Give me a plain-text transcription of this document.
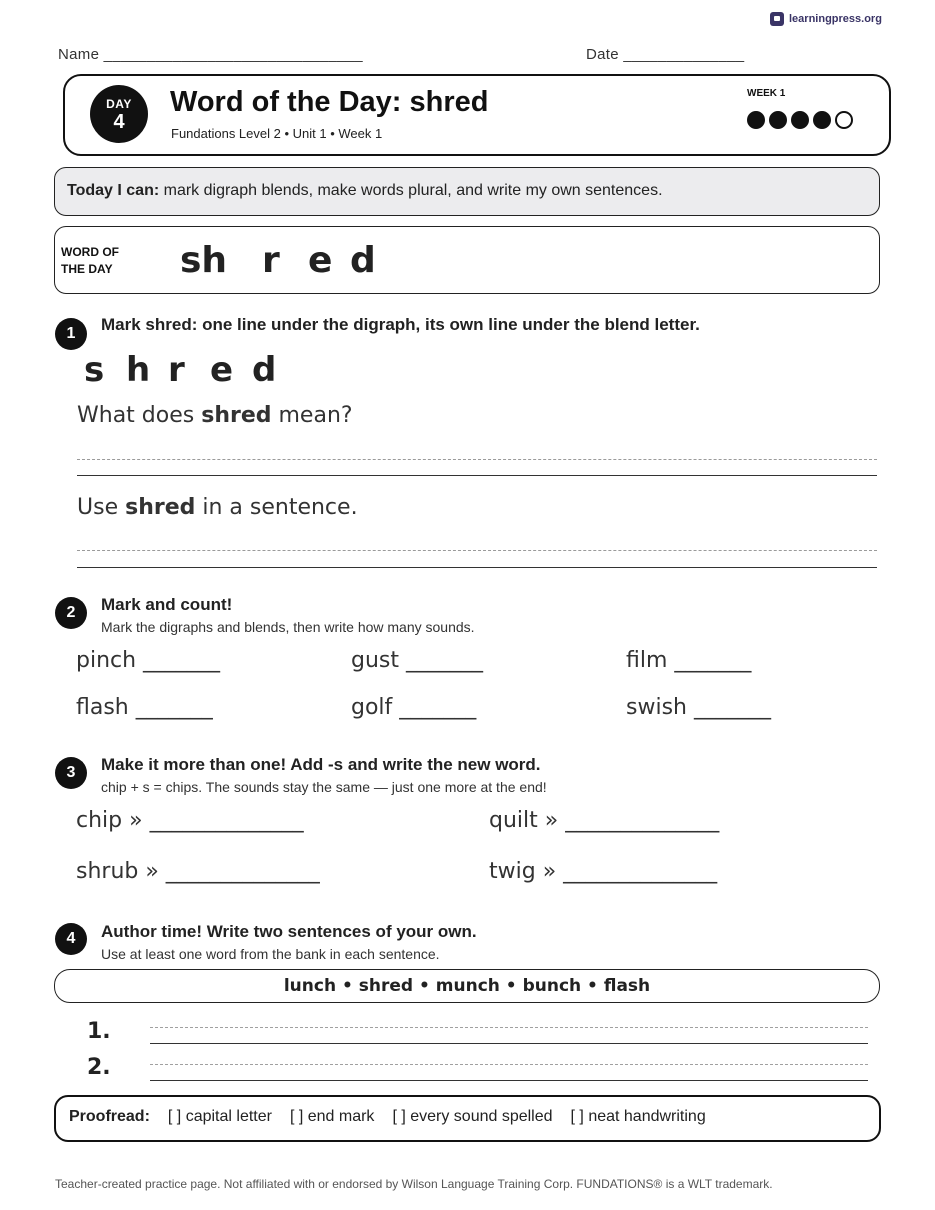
learningpress.org
Name ______________________________	Date ______________
DAY
4
Word of the Day: shred
Fundations Level 2 • Unit 1 • Week 1
WEEK 1
Today I can: mark digraph blends, make words plural, and write my own sentences.
WORD OF THE DAY	sh r e d
1	Mark shred: one line under the digraph, its own line under the blend letter.
s h r e d
What does shred mean?
Use shred in a sentence.
2	Mark and count!
Mark the digraphs and blends, then write how many sounds.
pinch _______	gust _______	film _______
flash _______	golf _______	swish _______
3	Make it more than one! Add -s and write the new word.
chip + s = chips. The sounds stay the same — just one more at the end!
chip » ______________	quilt » ______________
shrub » ______________	twig » ______________
4	Author time! Write two sentences of your own.
Use at least one word from the bank in each sentence.
lunch • shred • munch • bunch • flash
1.
2.
Proofread: [ ] capital letter [ ] end mark [ ] every sound spelled [ ] neat handwriting
Teacher-created practice page. Not affiliated with or endorsed by Wilson Language Training Corp. FUNDATIONS® is a WLT trademark.
